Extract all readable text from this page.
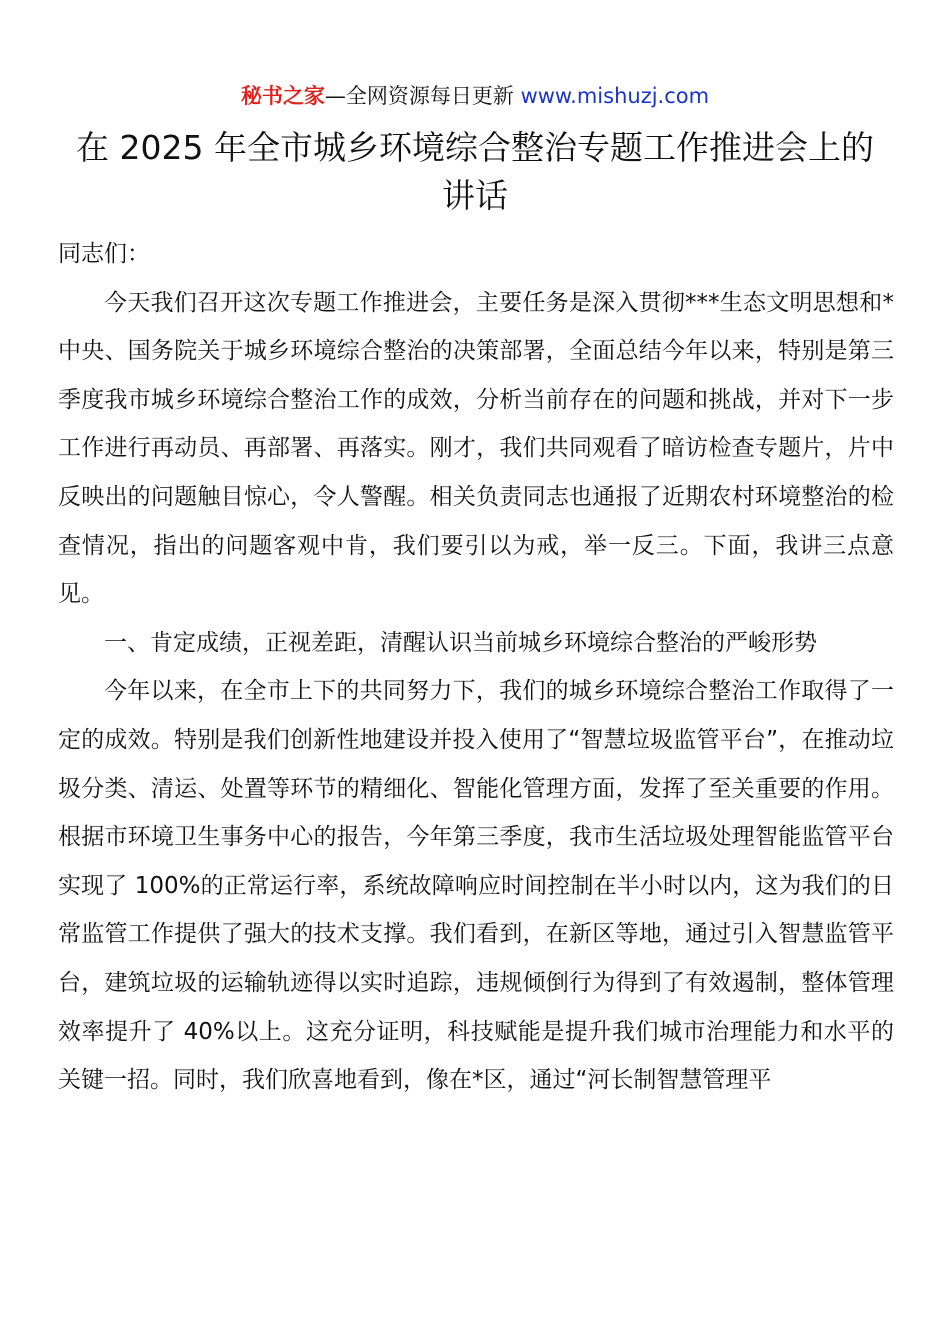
秘书之家—全网资源每日更新 www.mishuzj.com
在 2025 年全市城乡环境综合整治专题工作推进会上的讲话

同志们：

今天我们召开这次专题工作推进会，主要任务是深入贯彻***生态文明思想和*中央、国务院关于城乡环境综合整治的决策部署，全面总结今年以来，特别是第三季度我市城乡环境综合整治工作的成效，分析当前存在的问题和挑战，并对下一步工作进行再动员、再部署、再落实。刚才，我们共同观看了暗访检查专题片，片中反映出的问题触目惊心，令人警醒。相关负责同志也通报了近期农村环境整治的检查情况，指出的问题客观中肯，我们要引以为戒，举一反三。下面，我讲三点意见。

一、肯定成绩，正视差距，清醒认识当前城乡环境综合整治的严峻形势

今年以来，在全市上下的共同努力下，我们的城乡环境综合整治工作取得了一定的成效。特别是我们创新性地建设并投入使用了“智慧垃圾监管平台”，在推动垃圾分类、清运、处置等环节的精细化、智能化管理方面，发挥了至关重要的作用。根据市环境卫生事务中心的报告，今年第三季度，我市生活垃圾处理智能监管平台实现了 100%的正常运行率，系统故障响应时间控制在半小时以内，这为我们的日常监管工作提供了强大的技术支撑。我们看到，在新区等地，通过引入智慧监管平台，建筑垃圾的运输轨迹得以实时追踪，违规倾倒行为得到了有效遏制，整体管理效率提升了 40%以上。这充分证明，科技赋能是提升我们城市治理能力和水平的关键一招。同时，我们欣喜地看到，像在*区，通过“河长制智慧管理平
